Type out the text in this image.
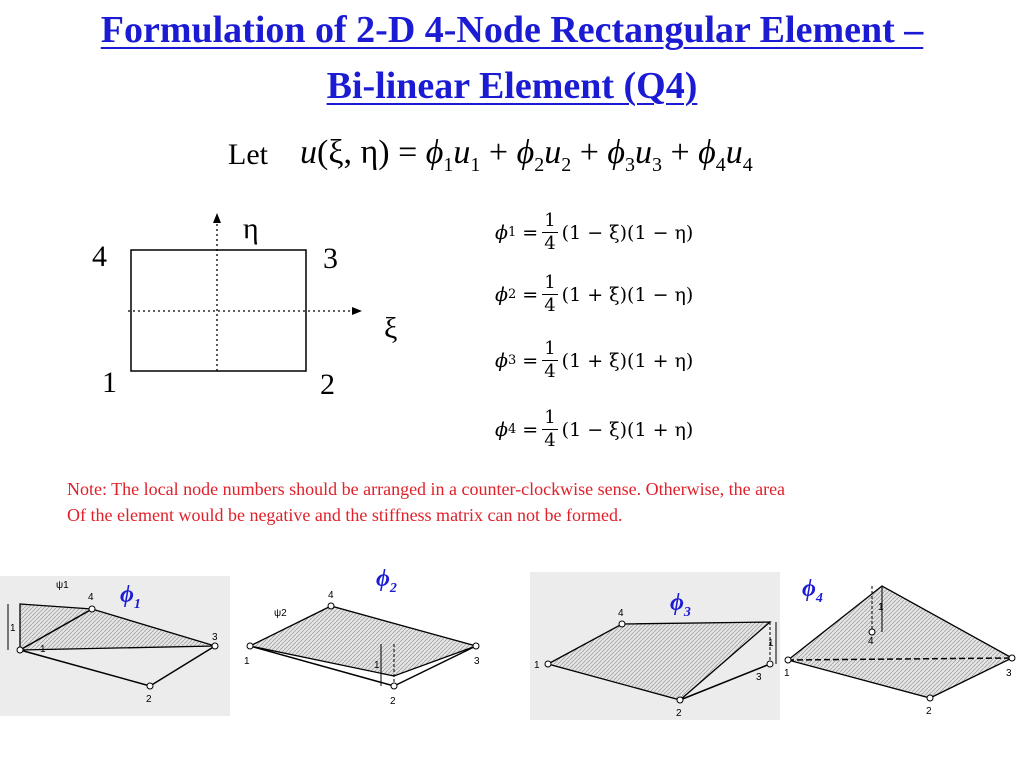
Formulation of 2-D 4-Node Rectangular Element –
Bi-linear Element (Q4)
Let u(ξ, $\eta) = \phi_1u_1 + \phi_2u_2 + \phi_3u_3 + \phi_4u_4$
4	3
1	2
η
ξ
ϕ 1
= $\frac{1}{4} (1 - \xi)(1 - \eta)$
ϕ 2
= $\frac{1}{4} (1 + \xi)(1 - \eta)$
ϕ 3
= $\frac{1}{4} (1 + \xi)(1 + \eta)$
ϕ 4
= $\frac{1}{4} (1 - \xi)(1 + \eta)$
Note: The local node numbers should be arranged in a counter-clockwise sense. Otherwise, the area
Of the element would be negative and the stiffness matrix can not be formed.
1
1
2
3
4
ψ1 $\phi_1$
1
1
2
3
4
ψ2
$\phi_2$
1
1
2
3
4 $\phi_3$	1
1
2
3
4
$\phi_4$
